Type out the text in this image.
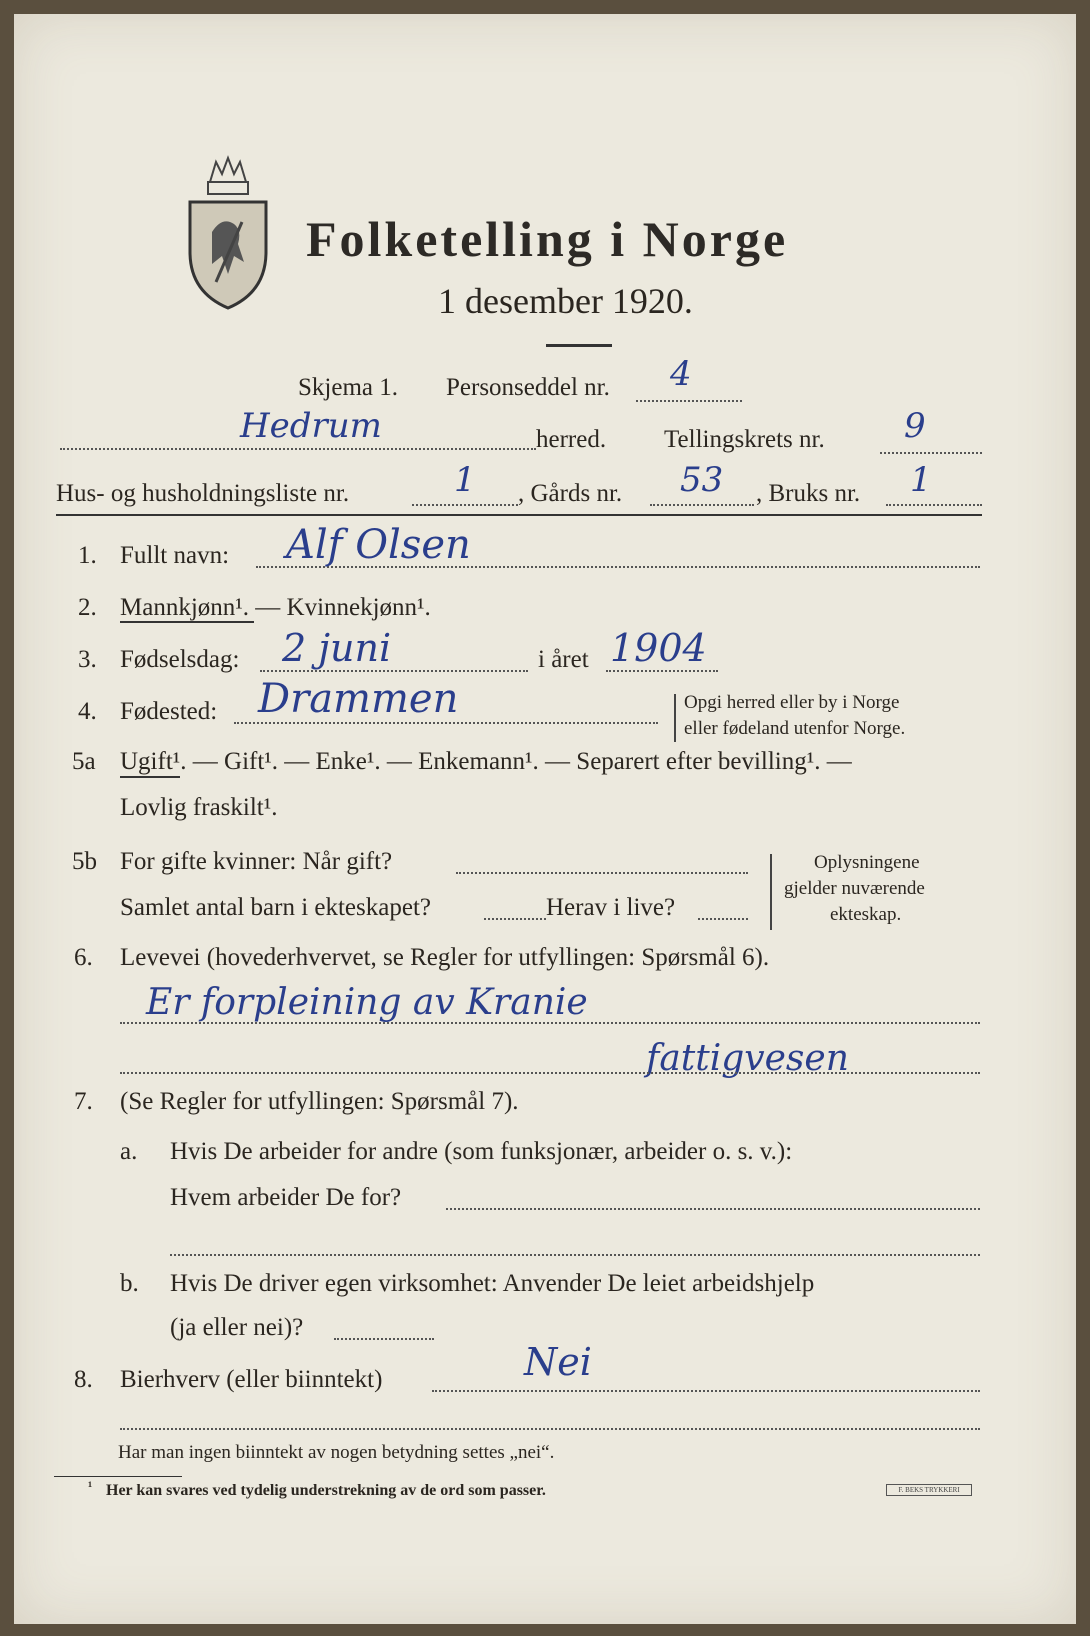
Folketelling i Norge
1 desember 1920.
Skjema 1. Personseddel nr. 4
Hedrum	herred. Tellingskrets nr. 9
Hus- og husholdningsliste nr.	1 , Gårds nr. 53 , Bruks nr. 1
1. Fullt navn: Alf Olsen
2. Mannkjønn¹. — Kvinnekjønn¹.
3. Fødselsdag: 2 juni	i året 1904
4. Fødested: Drammen	Opgi herred eller by i Norge
eller fødeland utenfor Norge.
5a Ugift¹. — Gift¹. — Enke¹. — Enkemann¹. — Separert efter bevilling¹. —
Lovlig fraskilt¹.
5b For gifte kvinner: Når gift?
Samlet antal barn i ekteskapet?	Herav i live?
Oplysningene
gjelder nuværende
ekteskap.
6. Levevei (hovederhvervet, se Regler for utfyllingen: Spørsmål 6).
Er forpleining av Kranie
fattigvesen
7. (Se Regler for utfyllingen: Spørsmål 7).
a. Hvis De arbeider for andre (som funksjonær, arbeider o. s. v.):
Hvem arbeider De for?
b. Hvis De driver egen virksomhet: Anvender De leiet arbeidshjelp
(ja eller nei)?
8. Bierhverv (eller biinntekt)	Nei
Har man ingen biinntekt av nogen betydning settes „nei“.
¹ Her kan svares ved tydelig understrekning av de ord som passer.	F. BEKS TRYKKERI
